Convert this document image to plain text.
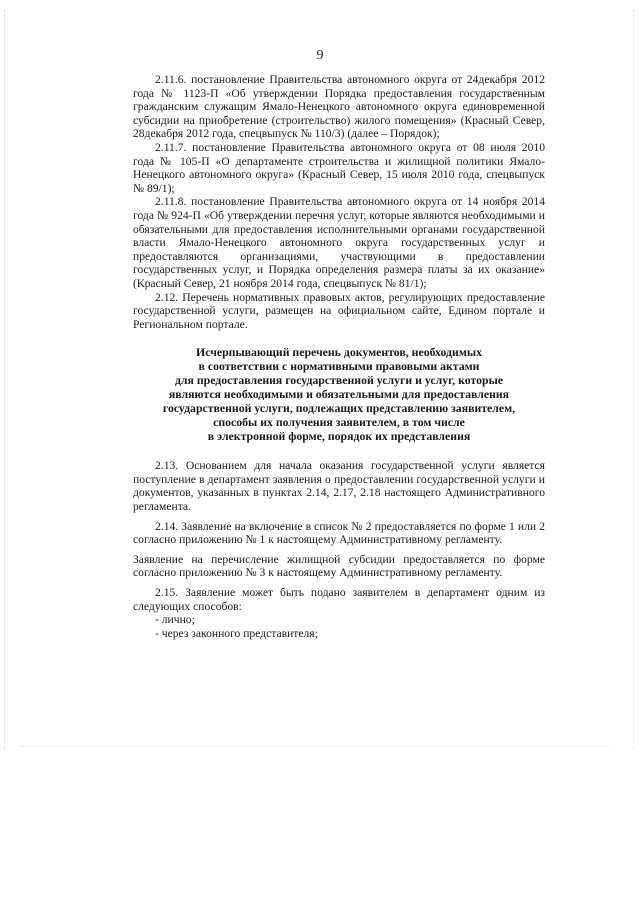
9

2.11.6. постановление Правительства автономного округа от 24декабря 2012 года № 1123-П «Об утверждении Порядка предоставления государственным гражданским служащим Ямало-Ненецкого автономного округа единовременной субсидии на приобретение (строительство) жилого помещения» (Красный Север, 28декабря 2012 года, спецвыпуск № 110/3) (далее – Порядок);

2.11.7. постановление Правительства автономного округа от 08 июля 2010 года № 105-П «О департаменте строительства и жилищной политики Ямало-Ненецкого автономного округа» (Красный Север, 15 июля 2010 года, спецвыпуск № 89/1);

2.11.8. постановление Правительства автономного округа от 14 ноября 2014 года № 924-П «Об утверждении перечня услуг, которые являются необходимыми и обязательными для предоставления исполнительными органами государственной власти Ямало-Ненецкого автономного округа государственных услуг и предоставляются организациями, участвующими в предоставлении государственных услуг, и Порядка определения размера платы за их оказание» (Красный Север, 21 ноября 2014 года, спецвыпуск № 81/1);

2.12. Перечень нормативных правовых актов, регулирующих предоставление государственной услуги, размещен на официальном сайте, Едином портале и Региональном портале.

Исчерпывающий перечень документов, необходимых
в соответствии с нормативными правовыми актами
для предоставления государственной услуги и услуг, которые
являются необходимыми и обязательными для предоставления
государственной услуги, подлежащих представлению заявителем,
способы их получения заявителем, в том числе
в электронной форме, порядок их представления

2.13. Основанием для начала оказания государственной услуги является поступление в департамент заявления о предоставлении государственной услуги и документов, указанных в пунктах 2.14, 2.17, 2.18 настоящего Административного регламента.

2.14. Заявление на включение в список № 2 предоставляется по форме 1 или 2 согласно приложению № 1 к настоящему Административному регламенту.

Заявление на перечисление жилищной субсидии предоставляется по форме согласно приложению № 3 к настоящему Административному регламенту.

2.15. Заявление может быть подано заявителем в департамент одним из следующих способов:

- лично;

- через законного представителя;
